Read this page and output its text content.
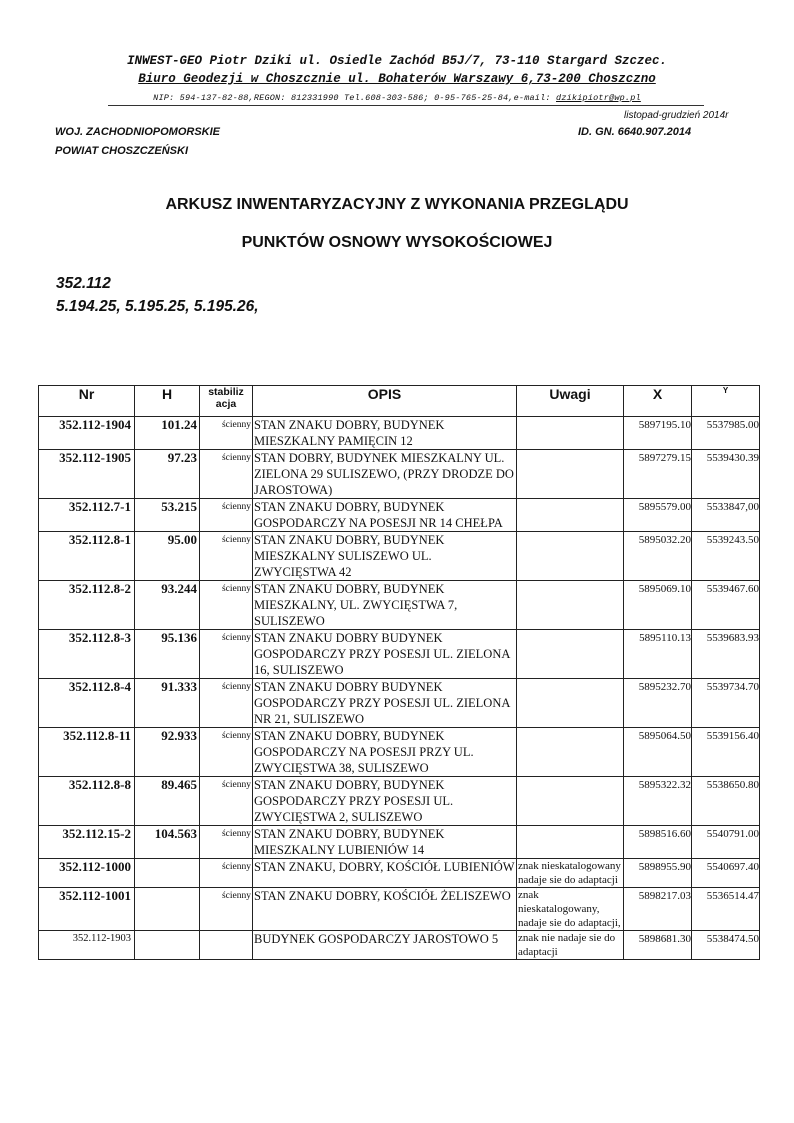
INWEST-GEO Piotr Dziki ul. Osiedle Zachód B5J/7, 73-110 Stargard Szczec.
Biuro Geodezji w Choszcznie ul. Bohaterów Warszawy 6,73-200 Choszczno
NIP: 594-137-82-88,REGON: 812331990 Tel.608-303-586; 0-95-765-25-84,e-mail: dzikipiotr@wp.pl
listopad-grudzień 2014r
WOJ. ZACHODNIOPOMORSKIE
POWIAT CHOSZCZEŃSKI
ID. GN. 6640.907.2014
ARKUSZ INWENTARYZACYJNY Z WYKONANIA PRZEGLĄDU
PUNKTÓW OSNOWY WYSOKOŚCIOWEJ
352.112
5.194.25, 5.195.25, 5.195.26,
Nr	H	stabiliz acja	OPIS	Uwagi	X	Y
352.112-1904	101.24	ścienny	STAN ZNAKU DOBRY, BUDYNEK MIESZKALNY PAMIĘCIN 12		5897195.10	5537985.00
352.112-1905	97.23	ścienny	STAN DOBRY, BUDYNEK MIESZKALNY UL. ZIELONA 29 SULISZEWO, (PRZY DRODZE DO JAROSTOWA)		5897279.15	5539430.39
352.112.7-1	53.215	ścienny	STAN ZNAKU DOBRY, BUDYNEK GOSPODARCZY NA POSESJI NR 14 CHEŁPA		5895579.00	5533847,00
352.112.8-1	95.00	ścienny	STAN ZNAKU DOBRY, BUDYNEK MIESZKALNY SULISZEWO UL. ZWYCIĘSTWA 42		5895032.20	5539243.50
352.112.8-2	93.244	ścienny	STAN ZNAKU DOBRY, BUDYNEK MIESZKALNY, UL. ZWYCIĘSTWA 7, SULISZEWO		5895069.10	5539467.60
352.112.8-3	95.136	ścienny	STAN ZNAKU DOBRY BUDYNEK GOSPODARCZY PRZY POSESJI UL. ZIELONA 16, SULISZEWO		5895110.13	5539683.93
352.112.8-4	91.333	ścienny	STAN ZNAKU DOBRY BUDYNEK GOSPODARCZY PRZY POSESJI UL. ZIELONA NR 21, SULISZEWO		5895232.70	5539734.70
352.112.8-11	92.933	ścienny	STAN ZNAKU DOBRY, BUDYNEK GOSPODARCZY NA POSESJI PRZY UL. ZWYCIĘSTWA 38, SULISZEWO		5895064.50	5539156.40
352.112.8-8	89.465	ścienny	STAN ZNAKU DOBRY, BUDYNEK GOSPODARCZY PRZY POSESJI UL. ZWYCIĘSTWA 2, SULISZEWO		5895322.32	5538650.80
352.112.15-2	104.563	ścienny	STAN ZNAKU DOBRY, BUDYNEK MIESZKALNY LUBIENIÓW 14		5898516.60	5540791.00
352.112-1000		ścienny	STAN ZNAKU, DOBRY, KOŚCIÓŁ LUBIENIÓW	znak nieskatalogowany nadaje sie do adaptacji	5898955.90	5540697.40
352.112-1001		ścienny	STAN ZNAKU DOBRY, KOŚCIÓŁ ŻELISZEWO	znak nieskatalogowany, nadaje sie do adaptacji,	5898217.03	5536514.47
352.112-1903			BUDYNEK GOSPODARCZY JAROSTOWO 5	znak nie nadaje sie do adaptacji	5898681.30	5538474.50
